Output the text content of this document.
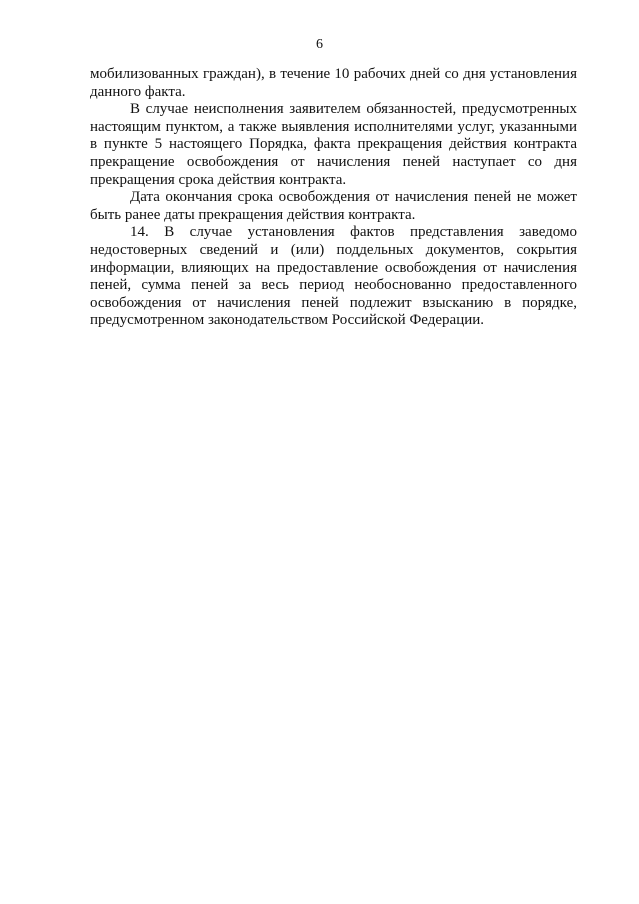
6

мобилизованных граждан), в течение 10 рабочих дней со дня установления данного факта.

В случае неисполнения заявителем обязанностей, предусмотренных настоящим пунктом, а также выявления исполнителями услуг, указанными в пункте 5 настоящего Порядка, факта прекращения действия контракта прекращение освобождения от начисления пеней наступает со дня прекращения срока действия контракта.

Дата окончания срока освобождения от начисления пеней не может быть ранее даты прекращения действия контракта.

14. В случае установления фактов представления заведомо недостоверных сведений и (или) поддельных документов, сокрытия информации, влияющих на предоставление освобождения от начисления пеней, сумма пеней за весь период необоснованно предоставленного освобождения от начисления пеней подлежит взысканию в порядке, предусмотренном законодательством Российской Федерации.
